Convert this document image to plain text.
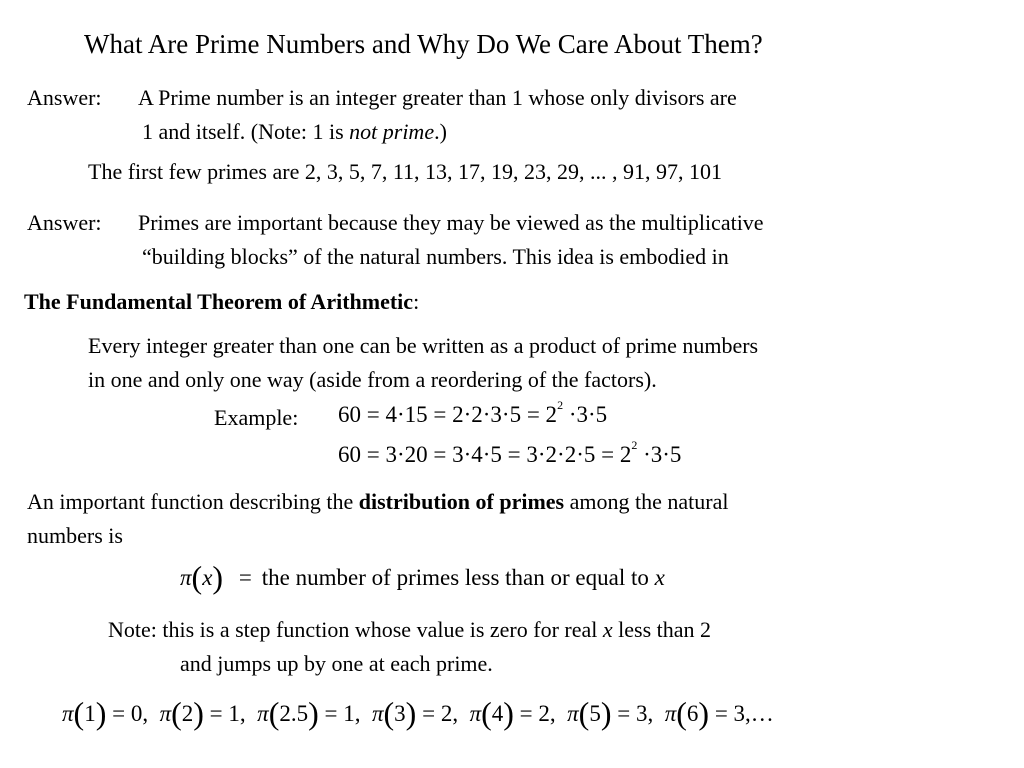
What Are Prime Numbers and Why Do We Care About Them?
Answer: A Prime number is an integer greater than 1 whose only divisors are
1 and itself. (Note: 1 is not prime.)
The first few primes are 2, 3, 5, 7, 11, 13, 17, 19, 23, 29, ... , 91, 97, 101
Answer: Primes are important because they may be viewed as the multiplicative
“building blocks” of the natural numbers. This idea is embodied in
The Fundamental Theorem of Arithmetic:
Every integer greater than one can be written as a product of prime numbers
in one and only one way (aside from a reordering of the factors).
Example: $60 = 4\cdot 15 = 2\cdot 2\cdot 3\cdot 5 = 2^2 \cdot 3\cdot 5$
$60 = 3\cdot 20 = 3\cdot 4\cdot 5 = 3\cdot 2\cdot 2\cdot 5 = 2^2 \cdot 3\cdot 5$
An important function describing the distribution of primes among the natural
numbers is
π(x) = the number of primes less than or equal to x
Note: this is a step function whose value is zero for real x less than 2
and jumps up by one at each prime.
π(1) = 0, π(2) = 1, π(2.5) = 1, π(3) = 2, π(4) = 2, π(5) = 3, π(6) = 3,…
